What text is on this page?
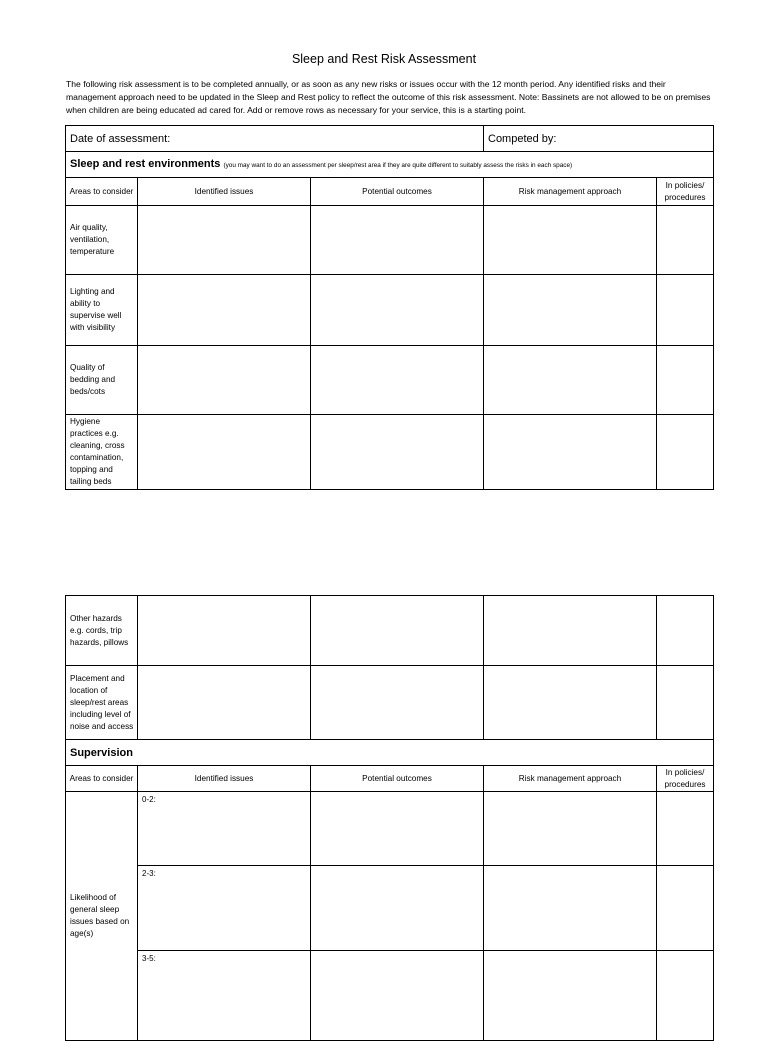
Sleep and Rest Risk Assessment
The following risk assessment is to be completed annually, or as soon as any new risks or issues occur with the 12 month period. Any identified risks and their management approach need to be updated in the Sleep and Rest policy to reflect the outcome of this risk assessment. Note: Bassinets are not allowed to be on premises when children are being educated ad cared for. Add or remove rows as necessary for your service, this is a starting point.
Date of assessment:			Competed by:	
Sleep and rest environments (you may want to do an assessment per sleep/rest area if they are quite different to suitably assess the risks in each space)				
Areas to consider	Identified issues	Potential outcomes	Risk management approach	In policies/ procedures
Air quality, ventilation, temperature				
Lighting and ability to supervise well with visibility				
Quality of bedding and beds/cots				
Hygiene practices e.g. cleaning, cross contamination, topping and tailing beds				
Other hazards e.g. cords, trip hazards, pillows				
Placement and location of sleep/rest areas including level of noise and access				
Supervision				
Areas to consider	Identified issues	Potential outcomes	Risk management approach	In policies/ procedures
Likelihood of general sleep issues based on age(s)	0-2:			
	2-3:			
	3-5:			
